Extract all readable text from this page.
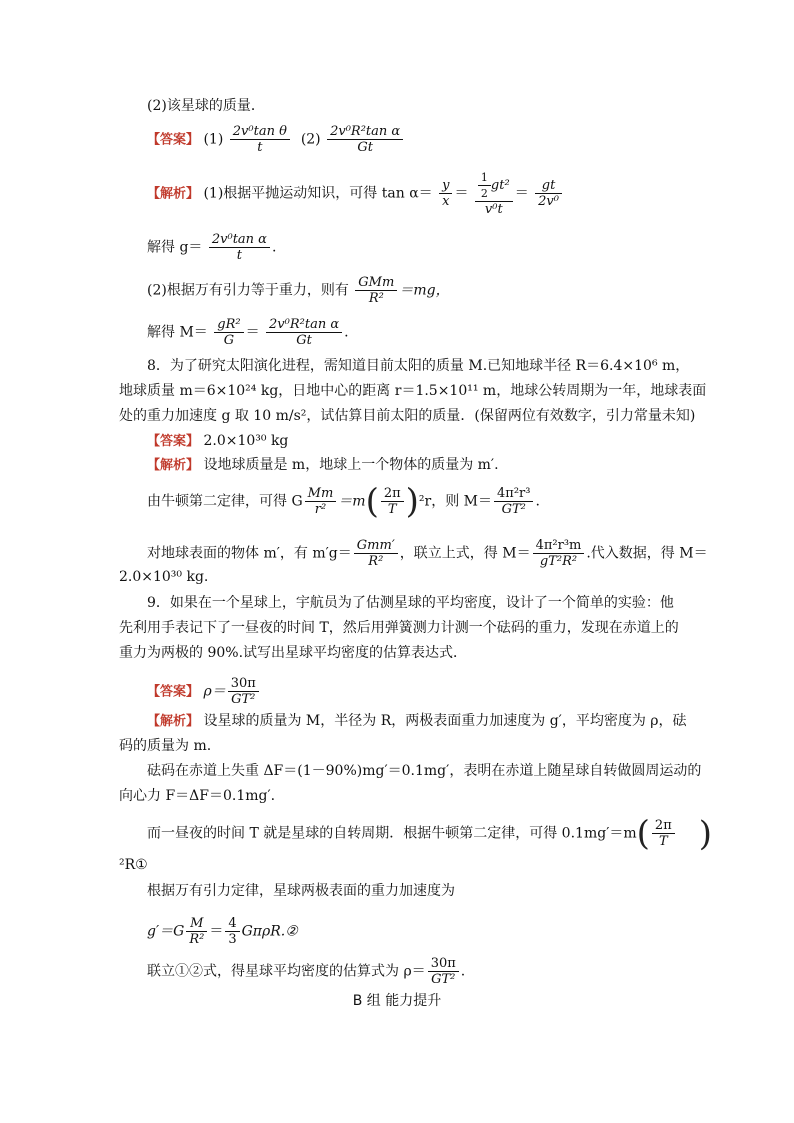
(2)该星球的质量．
【答案】 $(1) \frac{\text{2v⁰tan θ}}{t} (2) \frac{\text{2v⁰R²tan α}}{Gt}$
【解析】 (1)根据平抛运动知识，可得 $\tan \alpha= \frac{y}{x} = \frac{\frac{1}{2} gt^2}{\text{v⁰t}} = \frac{gt}{\text{2v⁰}}$
解得 $g= \frac{\text{2v⁰tan α}}{t}$ .
(2)根据万有引力等于重力，则有 $\frac{\text{GMm}}{\text{R²}} =mg$，
解得 $M= \frac{\text{gR²}}{G} = \frac{\text{2v⁰R²tan α}}{Gt}$ .
8．为了研究太阳演化进程，需知道目前太阳的质量 M.已知地球半径 R＝6.4×10⁶ m，
地球质量 m＝6×10²⁴ kg，日地中心的距离 r＝1.5×10¹¹ m，地球公转周期为一年，地球表面
处的重力加速度 g 取 10 m/s²，试估算目前太阳的质量．(保留两位有效数字，引力常量未知)
【答案】 2.0×10³⁰ kg
【解析】 设地球质量是 m，地球上一个物体的质量为 m′.
由牛顿第二定律，可得 G $\frac{Mm}{\text{r²}} =m( \frac{2\pi}{T} )^2r$，则 $M= \frac{\text{4π²r³}}{\text{GT²}}$ .
对地球表面的物体 m′，有 $m'g= \frac{\text{Gmm′}}{\text{R²}}$ ，联立上式，得 $M= \frac{\text{4π²r³m}}{\text{gT²R²}}$ .代入数据，得 M＝
2.0×10³⁰ kg.
9．如果在一个星球上，宇航员为了估测星球的平均密度，设计了一个简单的实验：他
先利用手表记下了一昼夜的时间 T，然后用弹簧测力计测一个砝码的重力，发现在赤道上的
重力为两极的 90%.试写出星球平均密度的估算表达式．
【答案】 $\rho= \frac{30\pi}{\text{GT²}}$
【解析】 设星球的质量为 M，半径为 R，两极表面重力加速度为 g′，平均密度为 ρ，砝
码的质量为 m.
砝码在赤道上失重 ΔF＝(1－90%)mg′＝0.1mg′，表明在赤道上随星球自转做圆周运动的
向心力 F＝ΔF＝0.1mg′.
而一昼夜的时间 T 就是星球的自转周期．根据牛顿第二定律，可得 $0.1mg'=m( \frac{2\pi}{T}$ )
²R①
根据万有引力定律，星球两极表面的重力加速度为
$g'=G \frac{M}{\text{R²}} = \frac{4}{3}$ GπρR.②
联立①②式，得星球平均密度的估算式为 $\rho= \frac{30\pi}{\text{GT²}}$ .
B 组 能力提升
